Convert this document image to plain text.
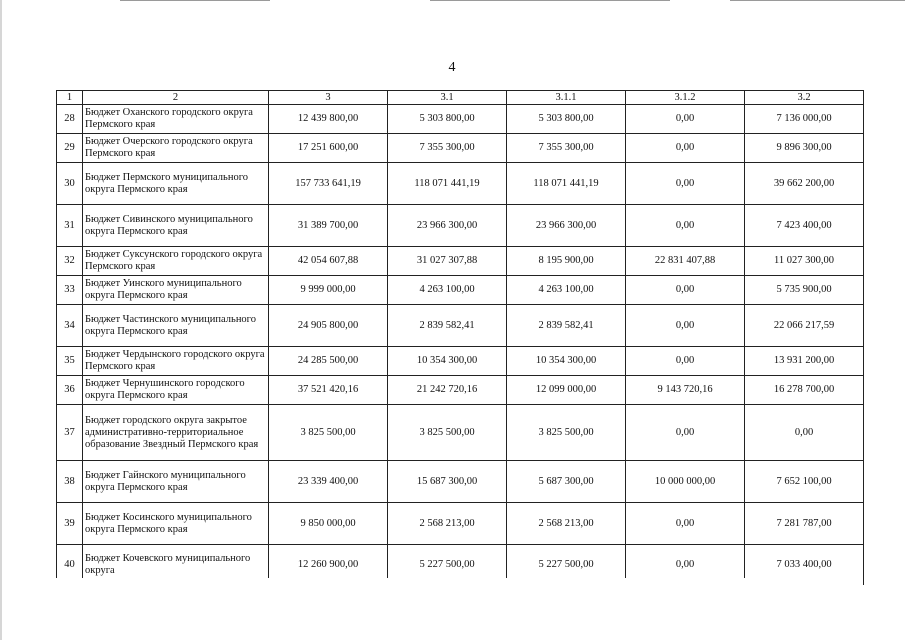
4
1	2	3	3.1	3.1.1	3.1.2	3.2
28	Бюджет Оханского городского округа Пермского края	12 439 800,00	5 303 800,00	5 303 800,00	0,00	7 136 000,00
29	Бюджет Очерского городского округа Пермского края	17 251 600,00	7 355 300,00	7 355 300,00	0,00	9 896 300,00
30	Бюджет Пермского муниципального округа Пермского края	157 733 641,19	118 071 441,19	118 071 441,19	0,00	39 662 200,00
31	Бюджет Сивинского муниципального округа Пермского края	31 389 700,00	23 966 300,00	23 966 300,00	0,00	7 423 400,00
32	Бюджет Суксунского городского округа Пермского края	42 054 607,88	31 027 307,88	8 195 900,00	22 831 407,88	11 027 300,00
33	Бюджет Уинского муниципального округа Пермского края	9 999 000,00	4 263 100,00	4 263 100,00	0,00	5 735 900,00
34	Бюджет Частинского муниципального округа Пермского края	24 905 800,00	2 839 582,41	2 839 582,41	0,00	22 066 217,59
35	Бюджет Чердынского городского округа Пермского края	24 285 500,00	10 354 300,00	10 354 300,00	0,00	13 931 200,00
36	Бюджет Чернушинского городского округа Пермского края	37 521 420,16	21 242 720,16	12 099 000,00	9 143 720,16	16 278 700,00
37	Бюджет городского округа закрытое административно-территориальное образование Звездный Пермского края	3 825 500,00	3 825 500,00	3 825 500,00	0,00	0,00
38	Бюджет Гайнского муниципального округа Пермского края	23 339 400,00	15 687 300,00	5 687 300,00	10 000 000,00	7 652 100,00
39	Бюджет Косинского муниципального округа Пермского края	9 850 000,00	2 568 213,00	2 568 213,00	0,00	7 281 787,00
40	Бюджет Кочевского муниципального округа	12 260 900,00	5 227 500,00	5 227 500,00	0,00	7 033 400,00
